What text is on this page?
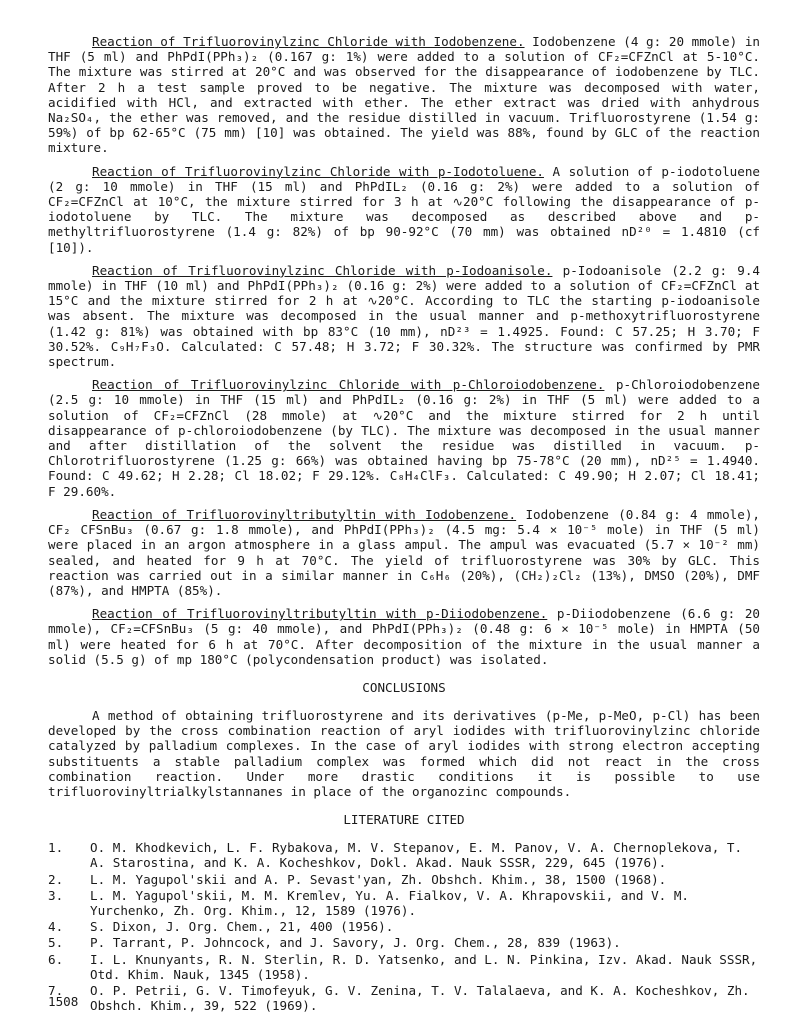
Reaction of Trifluorovinylzinc Chloride with Iodobenzene. Iodobenzene (4 g: 20 mmole) in THF (5 ml) and PhPdI(PPh₃)₂ (0.167 g: 1%) were added to a solution of CF₂=CFZnCl at 5-10°C. The mixture was stirred at 20°C and was observed for the disappearance of iodobenzene by TLC. After 2 h a test sample proved to be negative. The mixture was decomposed with water, acidified with HCl, and extracted with ether. The ether extract was dried with anhydrous Na₂SO₄, the ether was removed, and the residue distilled in vacuum. Trifluorostyrene (1.54 g: 59%) of bp 62-65°C (75 mm) [10] was obtained. The yield was 88%, found by GLC of the reaction mixture.

Reaction of Trifluorovinylzinc Chloride with p-Iodotoluene. A solution of p-iodotoluene (2 g: 10 mmole) in THF (15 ml) and PhPdIL₂ (0.16 g: 2%) were added to a solution of CF₂=CFZnCl at 10°C, the mixture stirred for 3 h at ∿20°C following the disappearance of p-iodotoluene by TLC. The mixture was decomposed as described above and p-methyltrifluorostyrene (1.4 g: 82%) of bp 90-92°C (70 mm) was obtained nD²⁰ = 1.4810 (cf [10]).

Reaction of Trifluorovinylzinc Chloride with p-Iodoanisole. p-Iodoanisole (2.2 g: 9.4 mmole) in THF (10 ml) and PhPdI(PPh₃)₂ (0.16 g: 2%) were added to a solution of CF₂=CFZnCl at 15°C and the mixture stirred for 2 h at ∿20°C. According to TLC the starting p-iodoanisole was absent. The mixture was decomposed in the usual manner and p-methoxytrifluorostyrene (1.42 g: 81%) was obtained with bp 83°C (10 mm), nD²³ = 1.4925. Found: C 57.25; H 3.70; F 30.52%. C₉H₇F₃O. Calculated: C 57.48; H 3.72; F 30.32%. The structure was confirmed by PMR spectrum.

Reaction of Trifluorovinylzinc Chloride with p-Chloroiodobenzene. p-Chloroiodobenzene (2.5 g: 10 mmole) in THF (15 ml) and PhPdIL₂ (0.16 g: 2%) in THF (5 ml) were added to a solution of CF₂=CFZnCl (28 mmole) at ∿20°C and the mixture stirred for 2 h until disappearance of p-chloroiodobenzene (by TLC). The mixture was decomposed in the usual manner and after distillation of the solvent the residue was distilled in vacuum. p-Chlorotrifluorostyrene (1.25 g: 66%) was obtained having bp 75-78°C (20 mm), nD²⁵ = 1.4940. Found: C 49.62; H 2.28; Cl 18.02; F 29.12%. C₈H₄ClF₃. Calculated: C 49.90; H 2.07; Cl 18.41; F 29.60%.

Reaction of Trifluorovinyltributyltin with Iodobenzene. Iodobenzene (0.84 g: 4 mmole), CF₂ CFSnBu₃ (0.67 g: 1.8 mmole), and PhPdI(PPh₃)₂ (4.5 mg: 5.4 × 10⁻⁵ mole) in THF (5 ml) were placed in an argon atmosphere in a glass ampul. The ampul was evacuated (5.7 × 10⁻² mm) sealed, and heated for 9 h at 70°C. The yield of trifluorostyrene was 30% by GLC. This reaction was carried out in a similar manner in C₆H₆ (20%), (CH₂)₂Cl₂ (13%), DMSO (20%), DMF (87%), and HMPTA (85%).

Reaction of Trifluorovinyltributyltin with p-Diiodobenzene. p-Diiodobenzene (6.6 g: 20 mmole), CF₂=CFSnBu₃ (5 g: 40 mmole), and PhPdI(PPh₃)₂ (0.48 g: 6 × 10⁻⁵ mole) in HMPTA (50 ml) were heated for 6 h at 70°C. After decomposition of the mixture in the usual manner a solid (5.5 g) of mp 180°C (polycondensation product) was isolated.

CONCLUSIONS

A method of obtaining trifluorostyrene and its derivatives (p-Me, p-MeO, p-Cl) has been developed by the cross combination reaction of aryl iodides with trifluorovinylzinc chloride catalyzed by palladium complexes. In the case of aryl iodides with strong electron accepting substituents a stable palladium complex was formed which did not react in the cross combination reaction. Under more drastic conditions it is possible to use trifluorovinyltrialkylstannanes in place of the organozinc compounds.

LITERATURE CITED
1.	O. M. Khodkevich, L. F. Rybakova, M. V. Stepanov, E. M. Panov, V. A. Chernoplekova, T. A. Starostina, and K. A. Kocheshkov, Dokl. Akad. Nauk SSSR, 229, 645 (1976).
2.	L. M. Yagupol'skii and A. P. Sevast'yan, Zh. Obshch. Khim., 38, 1500 (1968).
3.	L. M. Yagupol'skii, M. M. Kremlev, Yu. A. Fialkov, V. A. Khrapovskii, and V. M. Yurchenko, Zh. Org. Khim., 12, 1589 (1976).
4.	S. Dixon, J. Org. Chem., 21, 400 (1956).
5.	P. Tarrant, P. Johncock, and J. Savory, J. Org. Chem., 28, 839 (1963).
6.	I. L. Knunyants, R. N. Sterlin, R. D. Yatsenko, and L. N. Pinkina, Izv. Akad. Nauk SSSR, Otd. Khim. Nauk, 1345 (1958).
7.	O. P. Petrii, G. V. Timofeyuk, G. V. Zenina, T. V. Talalaeva, and K. A. Kocheshkov, Zh. Obshch. Khim., 39, 522 (1969).
1508
